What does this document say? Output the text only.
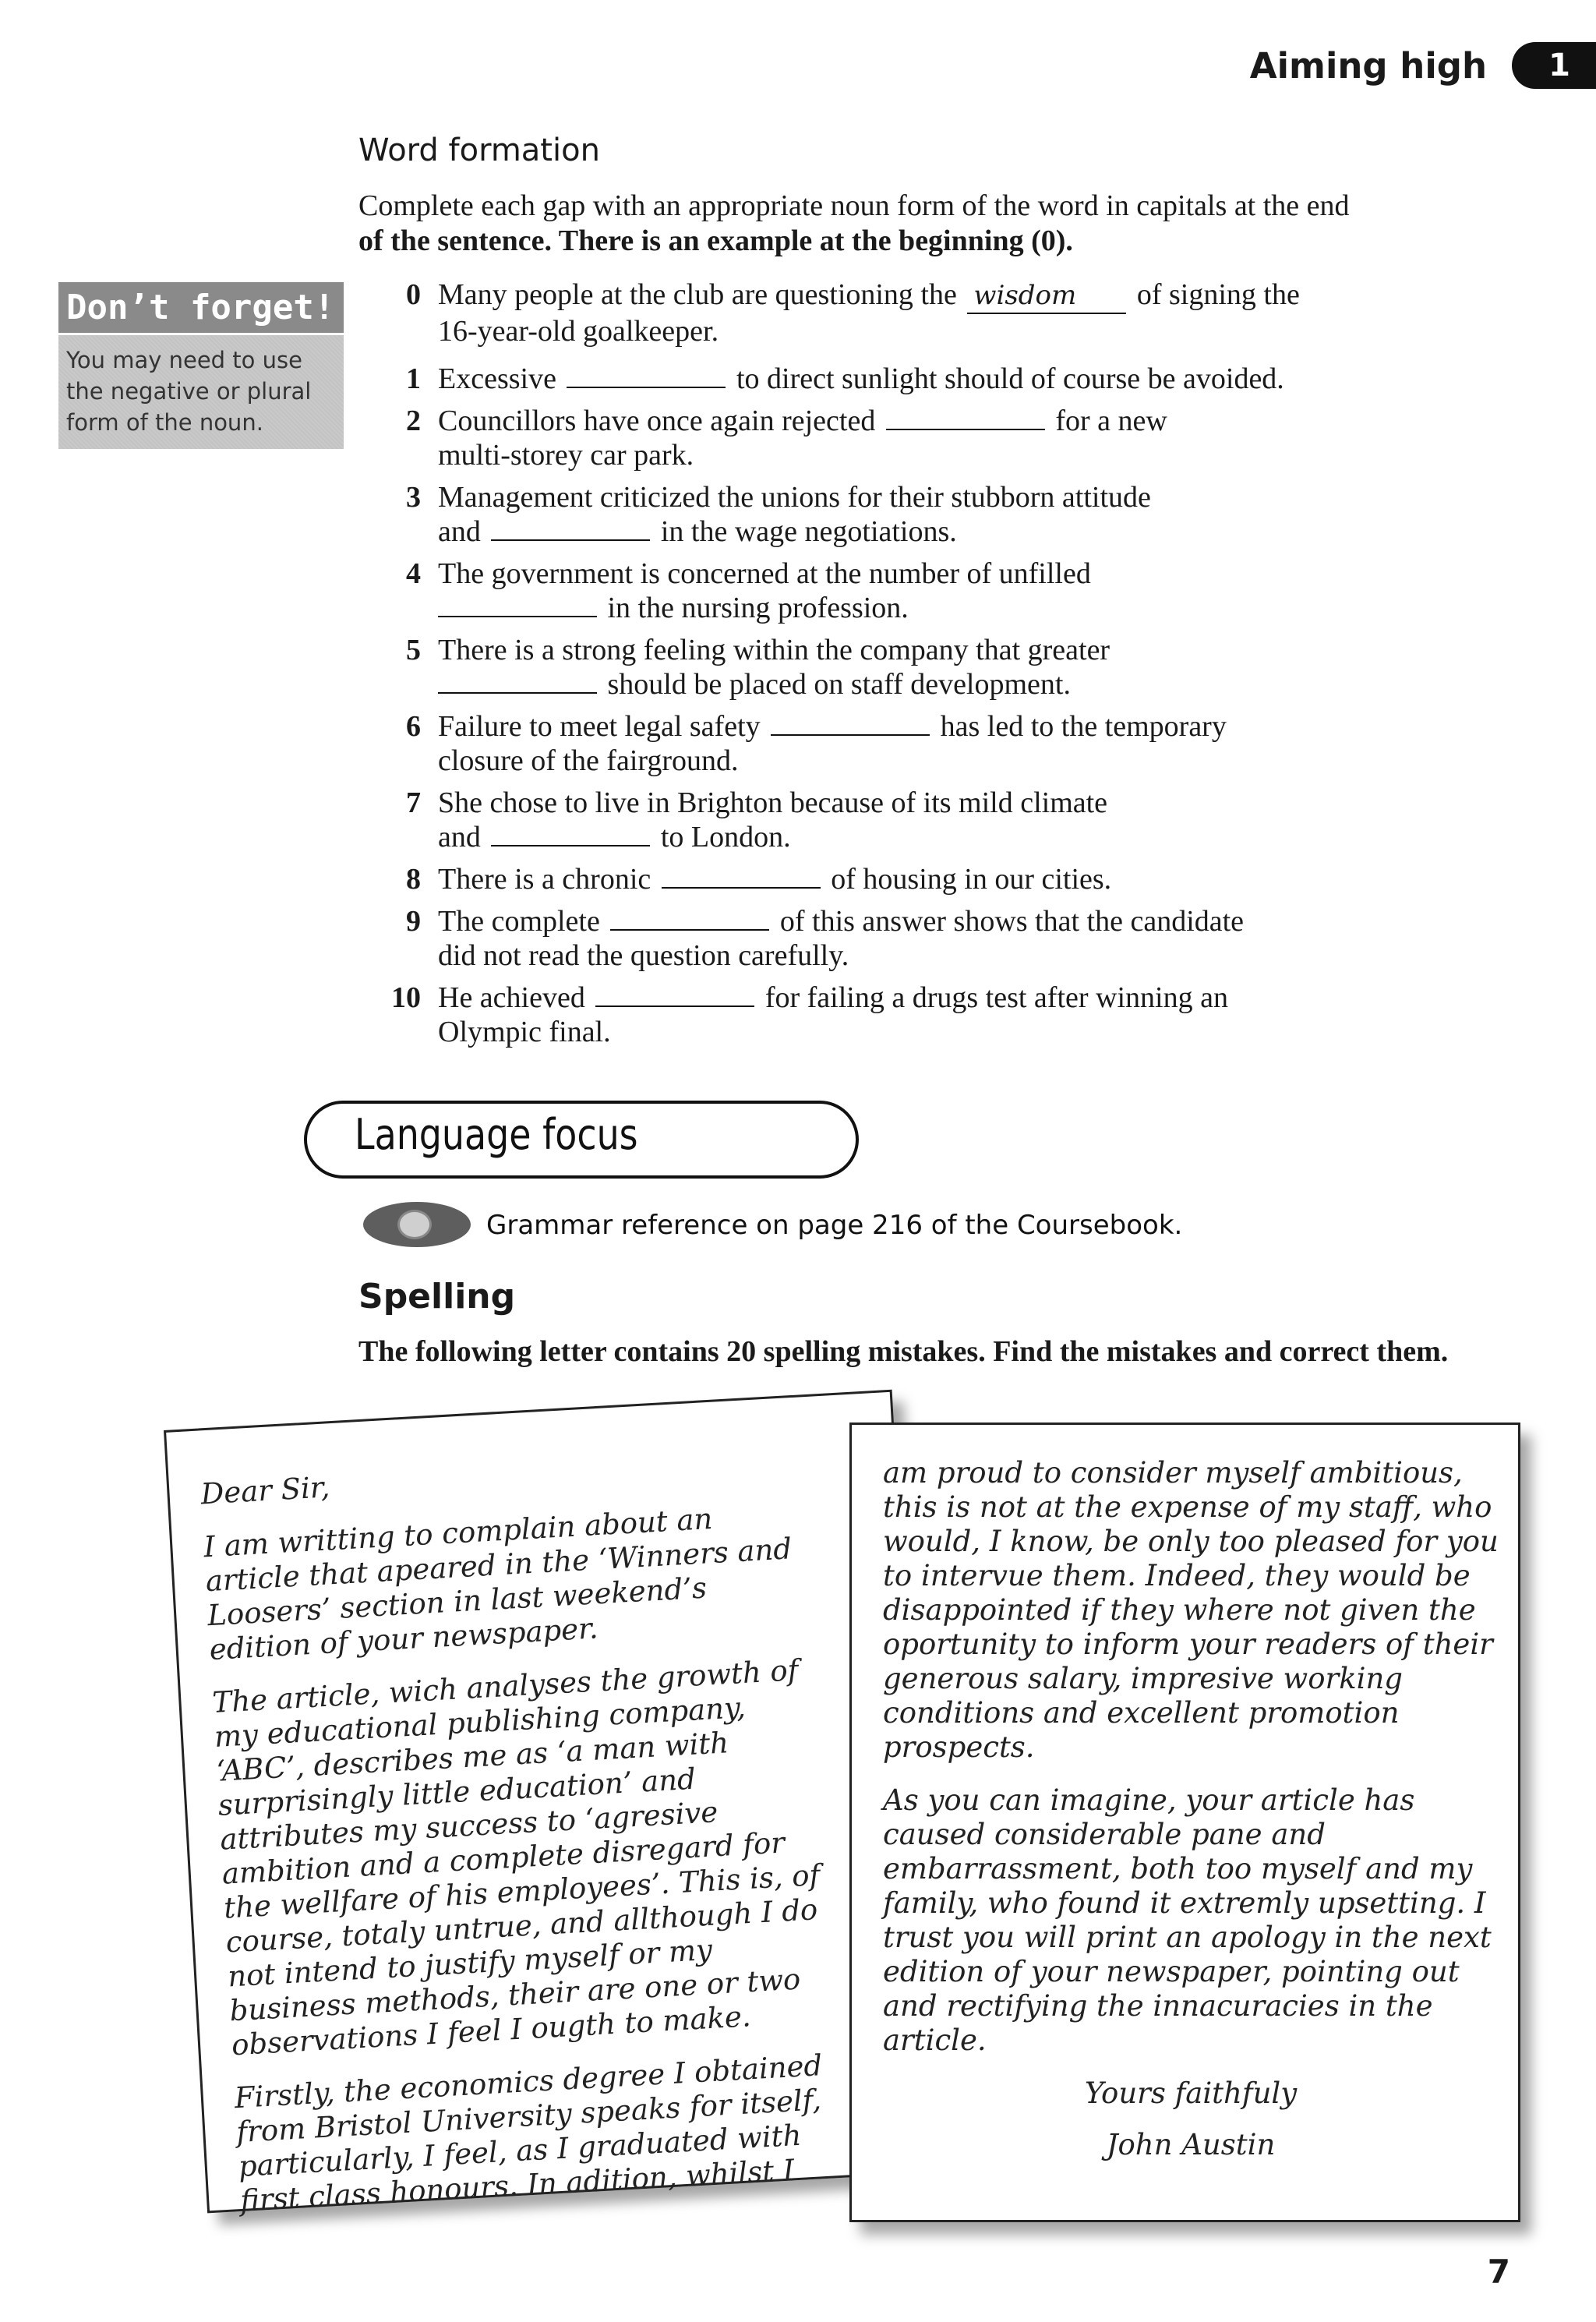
Aiming high	1
Word formation
Complete each gap with an appropriate noun form of the word in capitals at the end
of the sentence. There is an example at the beginning (0).
Don’t forget!
You may need to use
the negative or plural
form of the noun.
0 Many people at the club are questioning the wisdom of signing the
16-year-old goalkeeper.
1 Excessive	to direct sunlight should of course be avoided.
2 Councillors have once again rejected	for a new
multi-storey car park.
3 Management criticized the unions for their stubborn attitude
and	in the wage negotiations.
4 The government is concerned at the number of unfilled
in the nursing profession.
5 There is a strong feeling within the company that greater
should be placed on staff development.
6 Failure to meet legal safety	has led to the temporary
closure of the fairground.
7 She chose to live in Brighton because of its mild climate
and	to London.
8 There is a chronic	of housing in our cities.
9 The complete	of this answer shows that the candidate
did not read the question carefully.
10 He achieved	for failing a drugs test after winning an
Olympic final.
Language focus
Grammar reference on page 216 of the Coursebook.
Spelling
The following letter contains 20 spelling mistakes. Find the mistakes and correct them.

Dear Sir,

I am writting to complain about an article that apeared in the ‘Winners and Loosers’ section in last weekend’s edition of your newspaper.

The article, wich analyses the growth of my educational publishing company, ‘ABC’, describes me as ‘a man with surprisingly little education’ and attributes my success to ‘agresive ambition and a complete disregard for the wellfare of his employees’. This is, of course, totaly untrue, and allthough I do not intend to justify myself or my business methods, their are one or two observations I feel I ougth to make.

Firstly, the economics degree I obtained from Bristol University speaks for itself, particularly, I feel, as I graduated with first class honours. In adition, whilst I

am proud to consider myself ambitious, this is not at the expense of my staff, who would, I know, be only too pleased for you to intervue them. Indeed, they would be disappointed if they where not given the oportunity to inform your readers of their generous salary, impresive working conditions and excellent promotion prospects.

As you can imagine, your article has caused considerable pane and embarrassment, both too myself and my family, who found it extremly upsetting. I trust you will print an apology in the next edition of your newspaper, pointing out and rectifying the innacuracies in the article.

Yours faithfuly
John Austin
7
